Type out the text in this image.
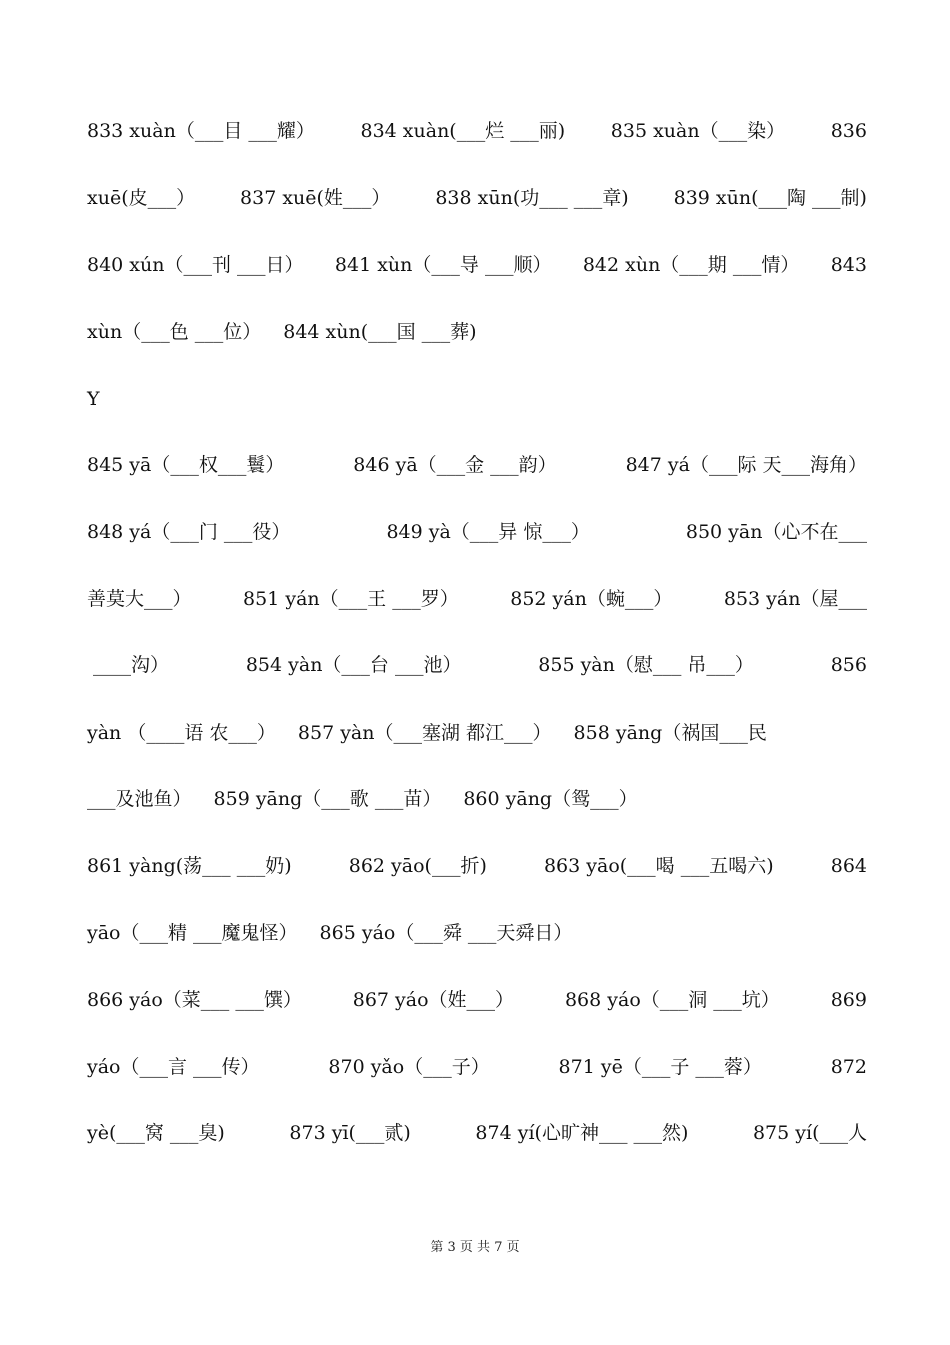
833 xuàn（___目 ___耀） 834 xuàn(___烂 ___丽) 835 xuàn（___染） 836
xuē(皮___） 837 xuē(姓___） 838 xūn(功___ ___章) 839 xūn(___陶 ___制)
840 xún（___刊 ___日） 841 xùn（___导 ___顺） 842 xùn（___期 ___情） 843
xùn（___色 ___位） 844 xùn(___国 ___葬)
Y
845 yā（___权___鬟）	846 yā（___金 ___韵）	847 yá（___际 天___海角）
848 yá（___门 ___役）	849 yà（___异 惊___）	850 yān（心不在___
善莫大___）	851 yán（___王 ___罗）	852 yán（蜿___）	853 yán（屋___
____沟）	854 yàn（___台 ___池）	855 yàn（慰___ 吊___）	856
yàn （____语 农___） 857 yàn（___塞湖 都江___） 858 yāng（祸国___民
___及池鱼） 859 yāng（___歌 ___苗） 860 yāng（鸳___）
861 yàng(荡___ ___奶)	862 yāo(___折)	863 yāo(___喝 ___五喝六)	864
yāo（___精 ___魔鬼怪） 865 yáo（___舜 ___天舜日）
866 yáo（菜___ ___馔）	867 yáo（姓___）	868 yáo（___洞 ___坑）	869
yáo（___言 ___传）	870 yǎo（___子）	871 yē（___子 ___蓉）	872
yè(___窝 ___臭)	873 yī(___贰)	874 yí(心旷神___ ___然)	875 yí(___人
第 3 页 共 7 页
